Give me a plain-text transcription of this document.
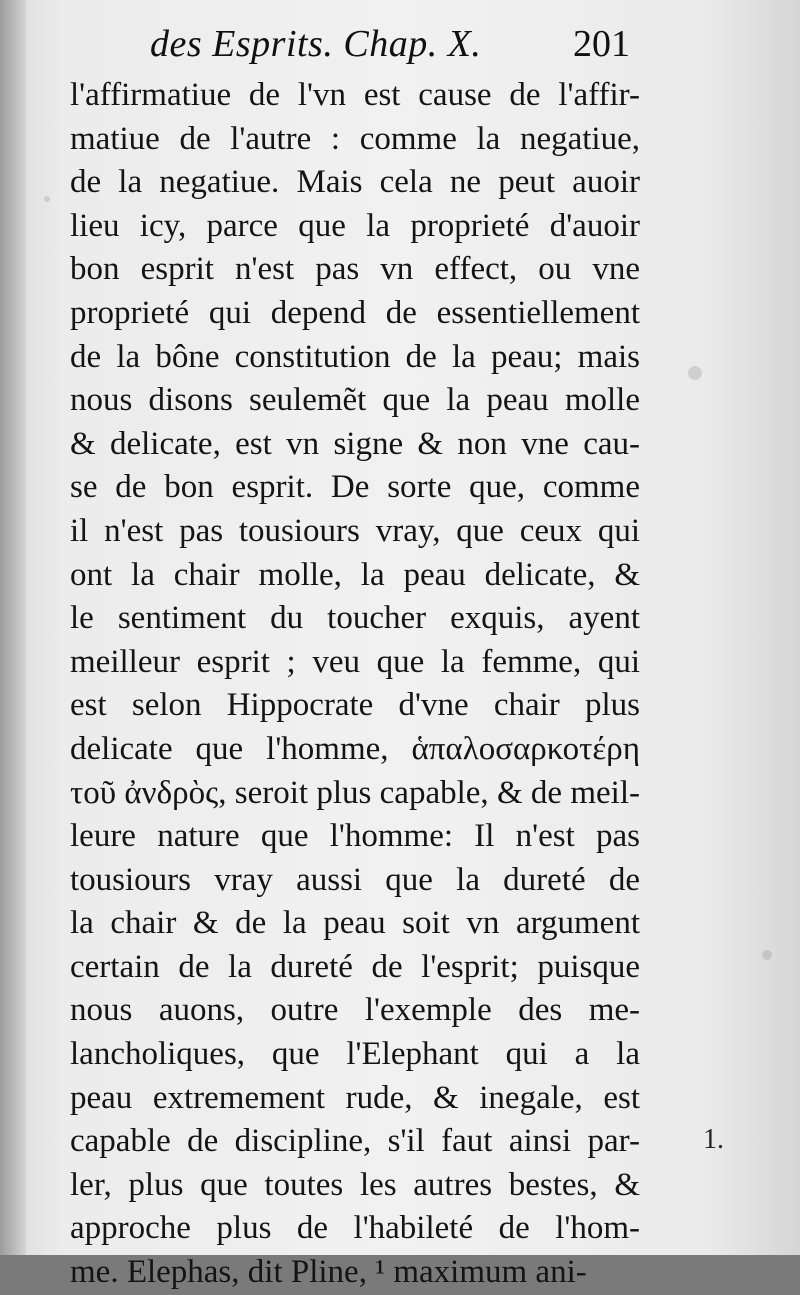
des Esprits. Chap. X. 201
l'affirmatiue de l'vn est cause de l'affir-
matiue de l'autre : comme la negatiue,
de la negatiue. Mais cela ne peut auoir
lieu icy, parce que la proprieté d'auoir
bon esprit n'est pas vn effect, ou vne
proprieté qui depend de essentiellement
de la bône constitution de la peau; mais
nous disons seulemẽt que la peau molle
& delicate, est vn signe & non vne cau-
se de bon esprit. De sorte que, comme
il n'est pas tousiours vray, que ceux qui
ont la chair molle, la peau delicate, &
le sentiment du toucher exquis, ayent
meilleur esprit ; veu que la femme, qui
est selon Hippocrate d'vne chair plus
delicate que l'homme, ἁπαλοσαρκοτέρη
τοῦ ἀνδρὸς, seroit plus capable, & de meil-
leure nature que l'homme: Il n'est pas
tousiours vray aussi que la dureté de
la chair & de la peau soit vn argument
certain de la dureté de l'esprit; puisque
nous auons, outre l'exemple des me-
lancholiques, que l'Elephant qui a la
peau extremement rude, & inegale, est
capable de discipline, s'il faut ainsi par-
ler, plus que toutes les autres bestes, &
approche plus de l'habileté de l'hom-
me. Elephas, dit Pline, ¹ maximum ani-
1.
